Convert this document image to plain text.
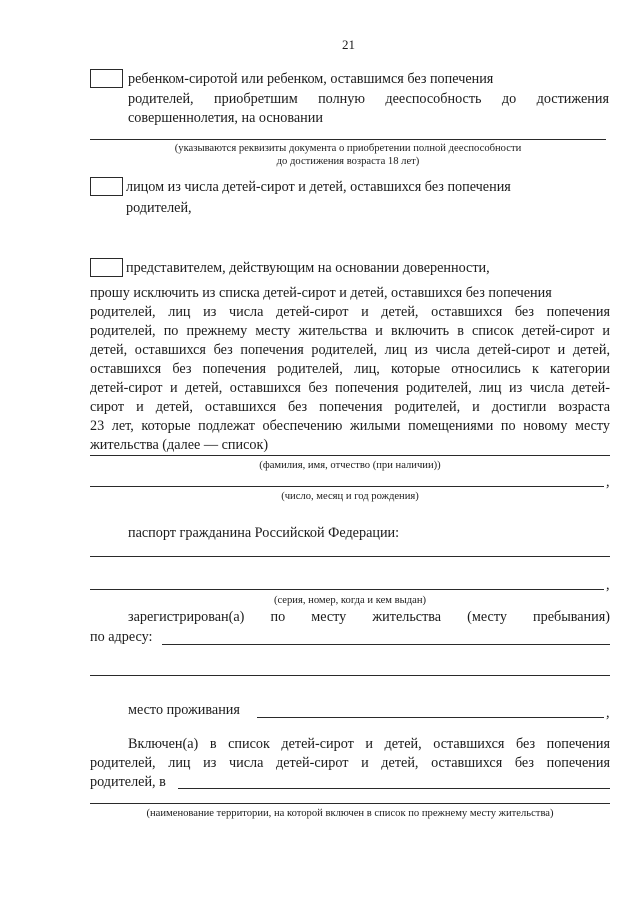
21
ребенком-сиротой или ребенком, оставшимся без попечения
родителей, приобретшим полную дееспособность до достижения
совершеннолетия, на основании
(указываются реквизиты документа о приобретении полной дееспособности
до достижения возраста 18 лет)
лицом из числа детей-сирот и детей, оставшихся без попечения
родителей,
представителем, действующим на основании доверенности,
прошу исключить из списка детей-сирот и детей, оставшихся без попечения
родителей, лиц из числа детей-сирот и детей, оставшихся без попечения
родителей, по прежнему месту жительства и включить в список детей-сирот и
детей, оставшихся без попечения родителей, лиц из числа детей-сирот и детей,
оставшихся без попечения родителей, лиц, которые относились к категории
детей-сирот и детей, оставшихся без попечения родителей, лиц из числа детей-
сирот и детей, оставшихся без попечения родителей, и достигли возраста
23 лет, которые подлежат обеспечению жилыми помещениями по новому месту
жительства (далее — список)
(фамилия, имя, отчество (при наличии))
,
(число, месяц и год рождения)
паспорт гражданина Российской Федерации:
,
(серия, номер, когда и кем выдан)
зарегистрирован(а) по месту жительства (месту пребывания)
по адресу:
место проживания	,
Включен(а) в список детей-сирот и детей, оставшихся без попечения
родителей, лиц из числа детей-сирот и детей, оставшихся без попечения
родителей, в
(наименование территории, на которой включен в список по прежнему месту жительства)
